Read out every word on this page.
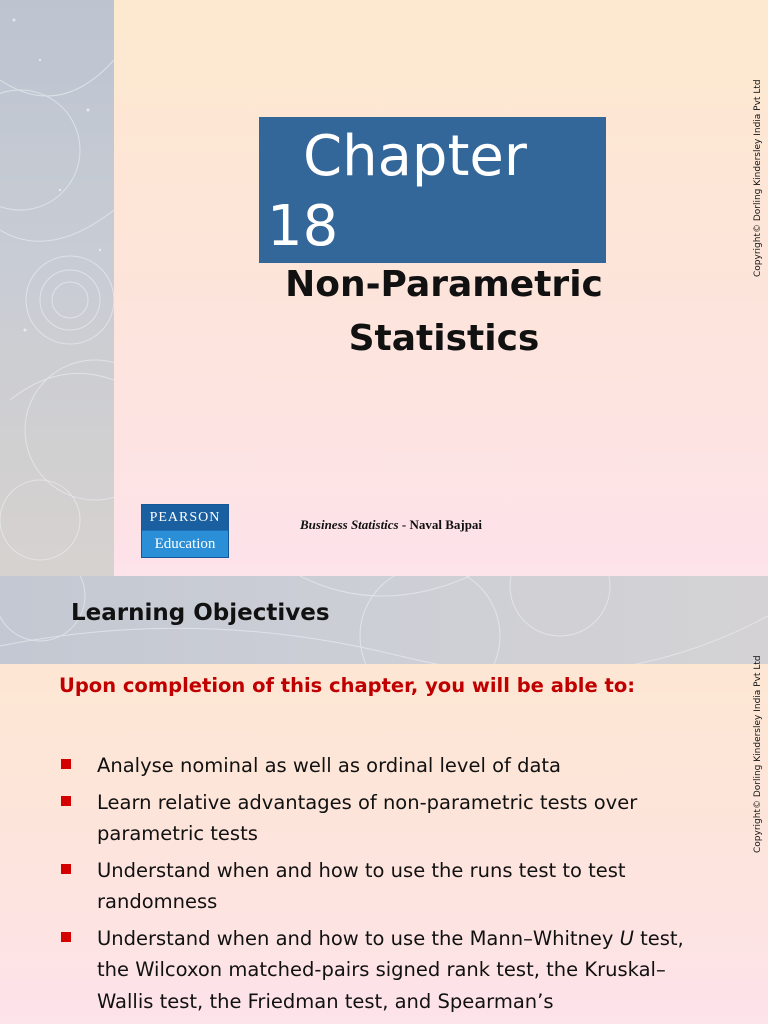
Chapter
18
Non-Parametric
Statistics
PEARSON
Education
Business Statistics - Naval Bajpai
Copyright© Dorling Kindersley India Pvt Ltd
Learning Objectives
Upon completion of this chapter, you will be able to:
Analyse nominal as well as ordinal level of data
Learn relative advantages of non-parametric tests over parametric tests
Understand when and how to use the runs test to test randomness
Understand when and how to use the Mann–Whitney U test, the Wilcoxon matched-pairs signed rank test, the Kruskal–Wallis test, the Friedman test, and Spearman’s
Copyright© Dorling Kindersley India Pvt Ltd
